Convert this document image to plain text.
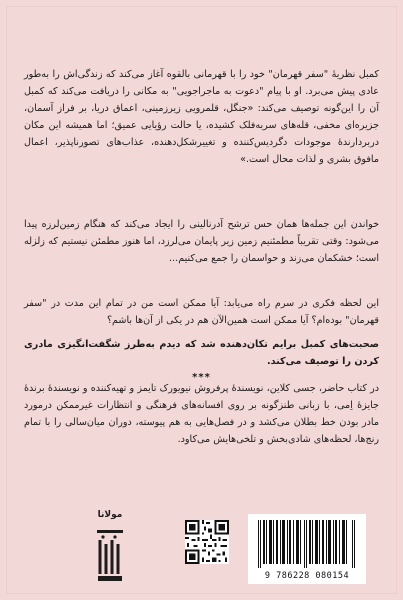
کمبل نظریهٔ "سفر قهرمان" خود را با قهرمانی بالقوه آغاز می‌کند که زندگی‌اش را به‌طور عادی پیش می‌برد. او با پیام "دعوت به ماجراجویی" به مکانی را دریافت می‌کند که کمبل آن را این‌گونه توصیف می‌کند: «جنگل، قلمرویی زیرزمینی، اعماق دریا، بر فراز آسمان، جزیره‌ای مخفی، قله‌های سربه‌فلک کشیده، یا حالت رؤیایی عمیق؛ اما همیشه این مکان دربردارندهٔ موجودات دگردیس‌کننده و تغییرشکل‌دهنده، عذاب‌های تصورناپذیر، اعمال مافوق بشری و لذات محال است.»

خواندن این جمله‌ها همان حس ترشح آدرنالینی را ایجاد می‌کند که هنگام زمین‌لرزه پیدا می‌شود: وقتی تقریباً مطمئنیم زمین زیر پایمان می‌لرزد، اما هنوز مطمئن نیستیم که زلزله است؛ خشکمان می‌زند و حواسمان را جمع می‌کنیم...

این لحظه فکری در سرم راه می‌یابد: آیا ممکن است من در تمام این مدت در "سفر قهرمان" بوده‌ام؟ آیا ممکن است همین‌الآن هم در یکی از آن‌ها باشم؟

صحبت‌های کمبل برایم تکان‌دهنده شد که دیدم به‌طرز شگفت‌انگیزی مادری کردن را توصیف می‌کند.

***

در کتاب حاضر، جسی کلاین، نویسندهٔ پرفروش نیویورک تایمز و تهیه‌کننده و نویسندهٔ برندهٔ جایزهٔ اِمی، با زبانی طنزگونه بر روی افسانه‌های فرهنگی و انتظارات غیرممکن درمورد مادر بودن خط بطلان می‌کشد و در فصل‌هایی به هم پیوسته، دوران میان‌سالی را با تمام رنج‌ها، لحظه‌های شادی‌بخش و تلخی‌هایش می‌کاود.

مولانا
9 786228 080154
